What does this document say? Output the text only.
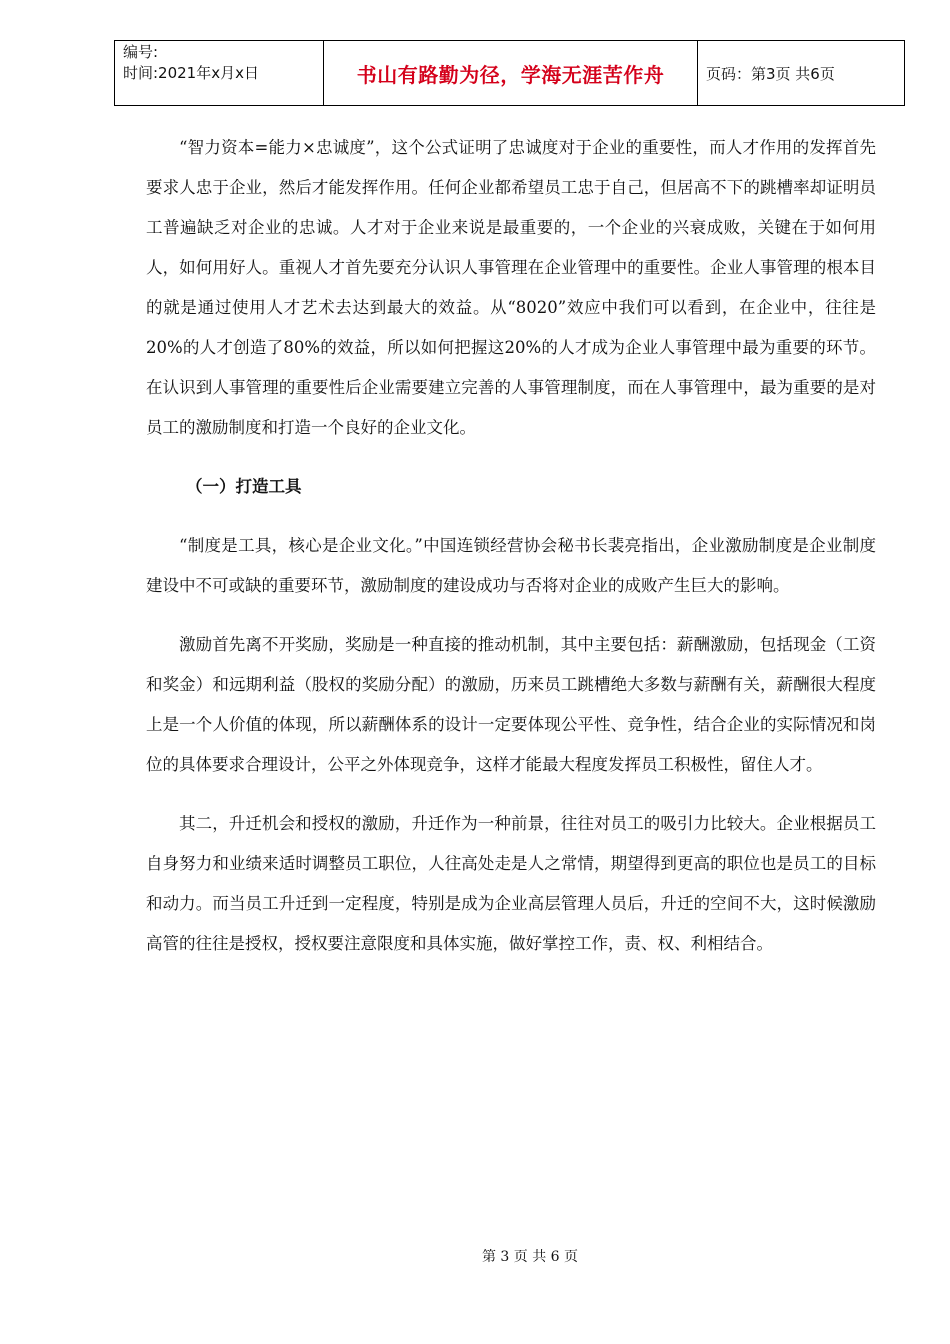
编号:
时间:2021年x月x日	书山有路勤为径，学海无涯苦作舟	页码：第3页 共6页

“智力资本=能力×忠诚度”，这个公式证明了忠诚度对于企业的重要性，而人才作用的发挥首先要求人忠于企业，然后才能发挥作用。任何企业都希望员工忠于自己，但居高不下的跳槽率却证明员工普遍缺乏对企业的忠诚。人才对于企业来说是最重要的，一个企业的兴衰成败，关键在于如何用人，如何用好人。重视人才首先要充分认识人事管理在企业管理中的重要性。企业人事管理的根本目的就是通过使用人才艺术去达到最大的效益。从“8020”效应中我们可以看到，在企业中，往往是20%的人才创造了80%的效益，所以如何把握这20%的人才成为企业人事管理中最为重要的环节。在认识到人事管理的重要性后企业需要建立完善的人事管理制度，而在人事管理中，最为重要的是对员工的激励制度和打造一个良好的企业文化。

（一）打造工具

“制度是工具，核心是企业文化。”中国连锁经营协会秘书长裴亮指出，企业激励制度是企业制度建设中不可或缺的重要环节，激励制度的建设成功与否将对企业的成败产生巨大的影响。

激励首先离不开奖励，奖励是一种直接的推动机制，其中主要包括：薪酬激励，包括现金（工资和奖金）和远期利益（股权的奖励分配）的激励，历来员工跳槽绝大多数与薪酬有关，薪酬很大程度上是一个人价值的体现，所以薪酬体系的设计一定要体现公平性、竞争性，结合企业的实际情况和岗位的具体要求合理设计，公平之外体现竞争，这样才能最大程度发挥员工积极性，留住人才。

其二，升迁机会和授权的激励，升迁作为一种前景，往往对员工的吸引力比较大。企业根据员工自身努力和业绩来适时调整员工职位，人往高处走是人之常情，期望得到更高的职位也是员工的目标和动力。而当员工升迁到一定程度，特别是成为企业高层管理人员后，升迁的空间不大，这时候激励高管的往往是授权，授权要注意限度和具体实施，做好掌控工作，责、权、利相结合。

第 3 页 共 6 页
